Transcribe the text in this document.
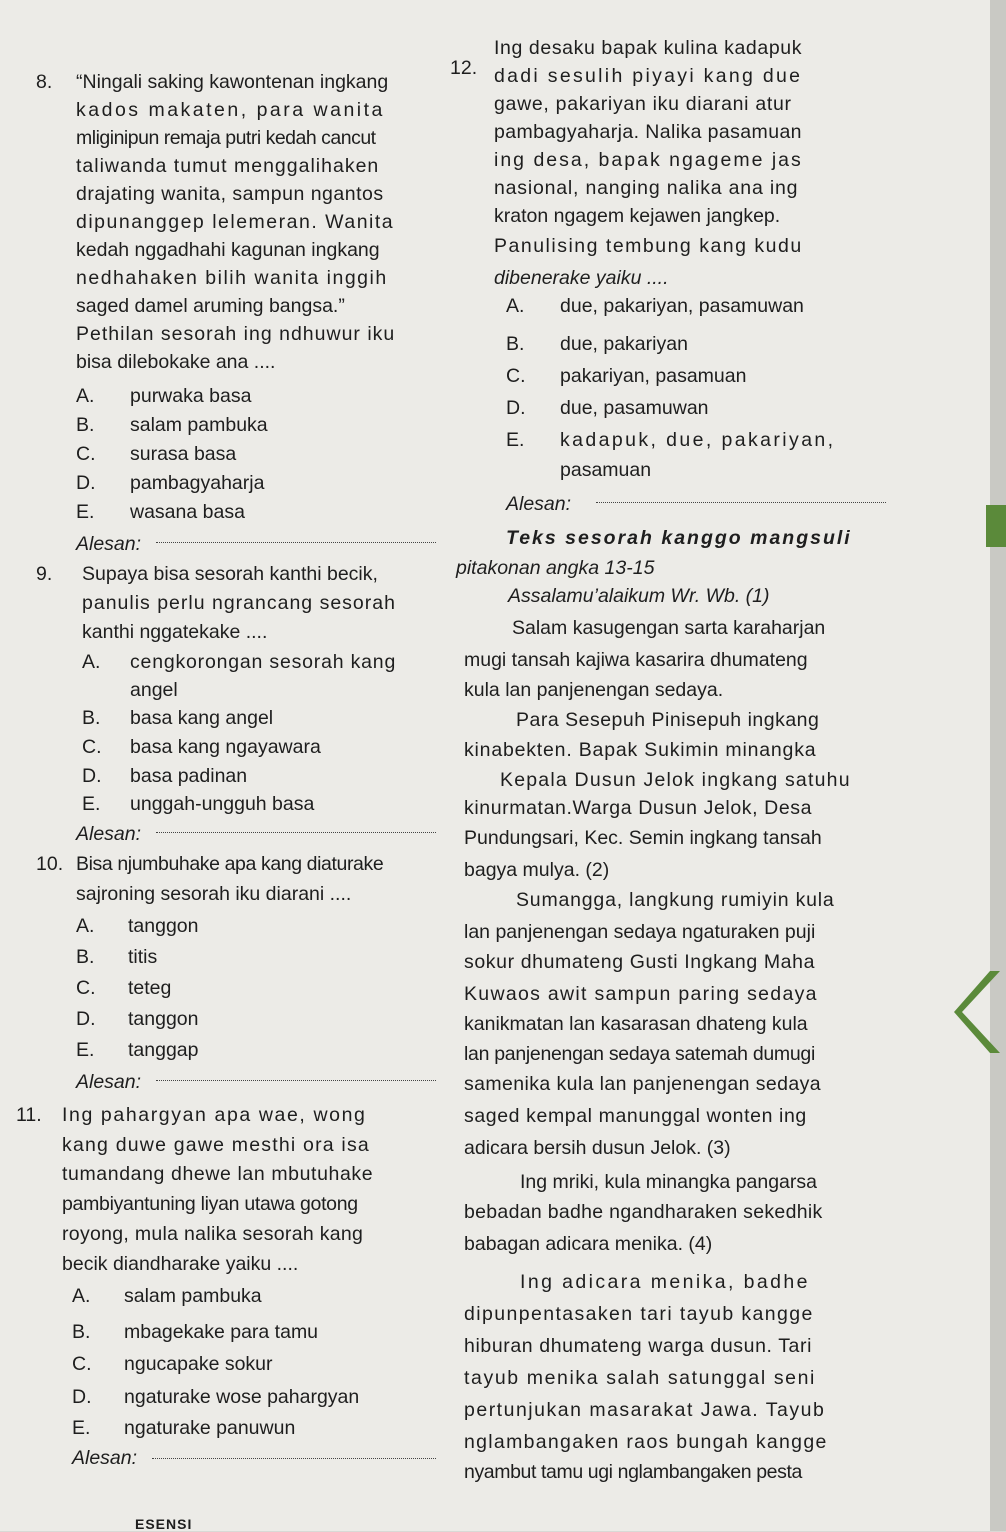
8. “Ningali saking kawontenan ingkang
kados makaten, para wanita
mliginipun remaja putri kedah cancut
taliwanda tumut menggalihaken
drajating wanita, sampun ngantos
dipunanggep lelemeran. Wanita
kedah nggadhahi kagunan ingkang
nedhahaken bilih wanita inggih
saged damel aruming bangsa.”
Pethilan sesorah ing ndhuwur iku
bisa dilebokake ana ....
A. purwaka basa
B. salam pambuka
C. surasa basa
D. pambagyaharja
E. wasana basa
Alesan:
9. Supaya bisa sesorah kanthi becik,
panulis perlu ngrancang sesorah
kanthi nggatekake ....
A. cengkorongan sesorah kang
angel
B. basa kang angel
C. basa kang ngayawara
D. basa padinan
E. unggah-ungguh basa
Alesan:
10. Bisa njumbuhake apa kang diaturake
sajroning sesorah iku diarani ....
A. tanggon
B. titis
C. teteg
D. tanggon
E. tanggap
Alesan:
11. Ing pahargyan apa wae, wong
kang duwe gawe mesthi ora isa
tumandang dhewe lan mbutuhake
pambiyantuning liyan utawa gotong
royong, mula nalika sesorah kang
becik diandharake yaiku ....
A. salam pambuka
B. mbagekake para tamu
C. ngucapake sokur
D. ngaturake wose pahargyan
E. ngaturake panuwun
Alesan:
12.
Ing desaku bapak kulina kadapuk
dadi sesulih piyayi kang due
gawe, pakariyan iku diarani atur
pambagyaharja. Nalika pasamuan
ing desa, bapak ngageme jas
nasional, nanging nalika ana ing
kraton ngagem kejawen jangkep.
Panulising tembung kang kudu
dibenerake yaiku ....
A. due, pakariyan, pasamuwan
B. due, pakariyan
C. pakariyan, pasamuan
D. due, pasamuwan
E. kadapuk, due, pakariyan,
pasamuan
Alesan:
Teks sesorah kanggo mangsuli
pitakonan angka 13-15
Assalamu’alaikum Wr. Wb. (1)
Salam kasugengan sarta karaharjan
mugi tansah kajiwa kasarira dhumateng
kula lan panjenengan sedaya.
Para Sesepuh Pinisepuh ingkang
kinabekten. Bapak Sukimin minangka
Kepala Dusun Jelok ingkang satuhu
kinurmatan.Warga Dusun Jelok, Desa
Pundungsari, Kec. Semin ingkang tansah
bagya mulya. (2)
Sumangga, langkung rumiyin kula
lan panjenengan sedaya ngaturaken puji
sokur dhumateng Gusti Ingkang Maha
Kuwaos awit sampun paring sedaya
kanikmatan lan kasarasan dhateng kula
lan panjenengan sedaya satemah dumugi
samenika kula lan panjenengan sedaya
saged kempal manunggal wonten ing
adicara bersih dusun Jelok. (3)
Ing mriki, kula minangka pangarsa
bebadan badhe ngandharaken sekedhik
babagan adicara menika. (4)
Ing adicara menika, badhe
dipunpentasaken tari tayub kangge
hiburan dhumateng warga dusun. Tari
tayub menika salah satunggal seni
pertunjukan masarakat Jawa. Tayub
nglambangaken raos bungah kangge
nyambut tamu ugi nglambangaken pesta
ESENSI
